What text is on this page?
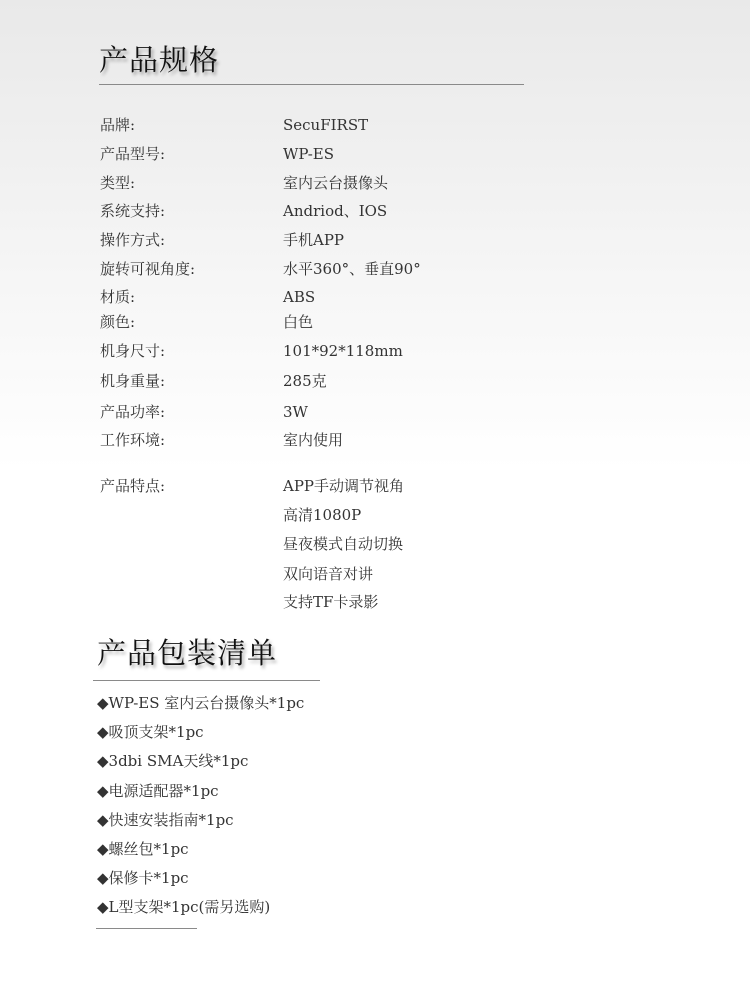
产品规格
品牌:	SecuFIRST
产品型号:	WP-ES
类型:	室内云台摄像头
系统支持:	Andriod、IOS
操作方式:	手机APP
旋转可视角度:	水平360°、垂直90°
材质:	ABS
颜色:	白色
机身尺寸:	101*92*118mm
机身重量:	285克
产品功率:	3W
工作环境:	室内使用
产品特点:	APP手动调节视角
高清1080P
昼夜模式自动切换
双向语音对讲
支持TF卡录影
产品包装清单
◆WP-ES 室内云台摄像头*1pc
◆吸顶支架*1pc
◆3dbi SMA天线*1pc
◆电源适配器*1pc
◆快速安装指南*1pc
◆螺丝包*1pc
◆保修卡*1pc
◆L型支架*1pc(需另选购)
